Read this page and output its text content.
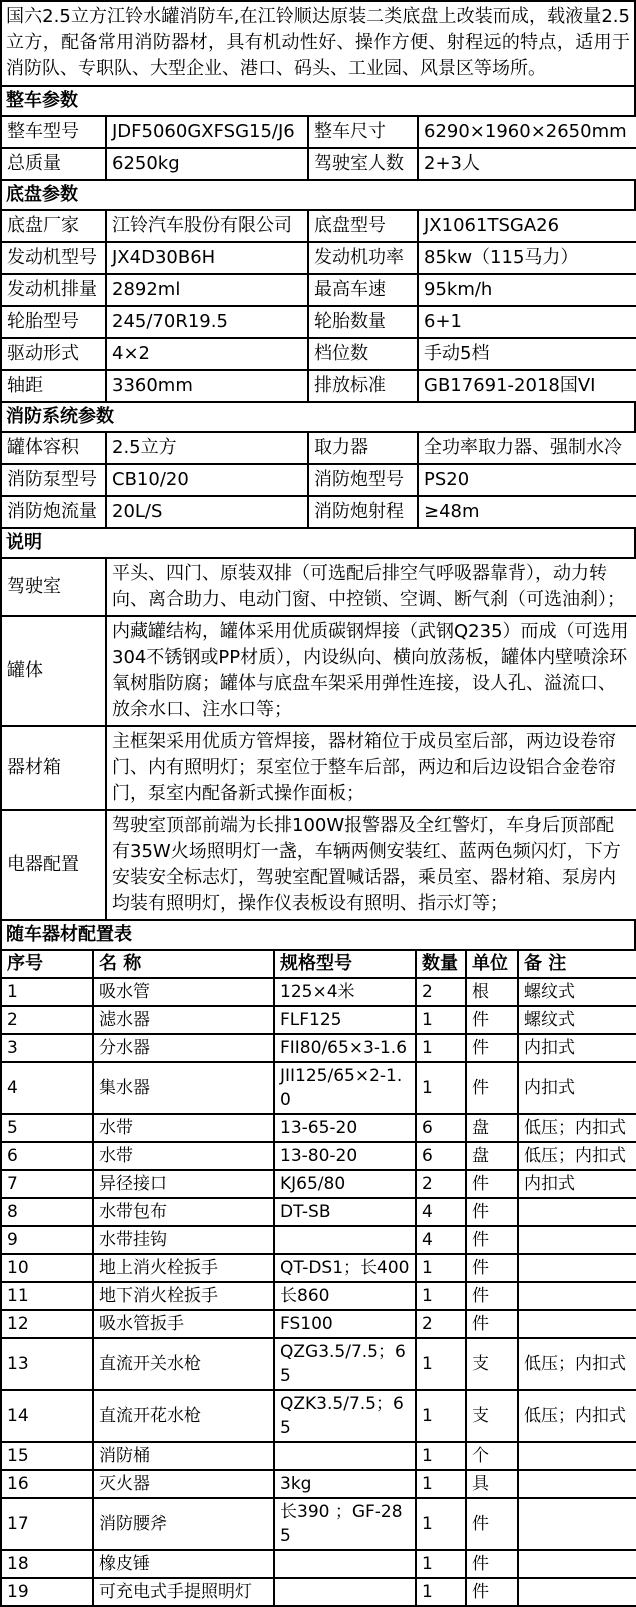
国六2.5立方江铃水罐消防车,在江铃顺达原装二类底盘上改装而成，载液量2.5立方，配备常用消防器材，具有机动性好、操作方便、射程远的特点，适用于消防队、专职队、大型企业、港口、码头、工业园、风景区等场所。
整车参数
整车型号	JDF5060GXFSG15/J6	整车尺寸	6290×1960×2650mm
总质量	6250kg	驾驶室人数	2+3人
底盘参数
底盘厂家	江铃汽车股份有限公司	底盘型号	JX1061TSGA26
发动机型号	JX4D30B6H	发动机功率	85kw（115马力）
发动机排量	2892ml	最高车速	95km/h
轮胎型号	245/70R19.5	轮胎数量	6+1
驱动形式	4×2	档位数	手动5档
轴距	3360mm	排放标准	GB17691-2018国VI
消防系统参数
罐体容积	2.5立方	取力器	全功率取力器、强制水冷
消防泵型号	CB10/20	消防炮型号	PS20
消防炮流量	20L/S	消防炮射程	≥48m
说明
驾驶室	平头、四门、原装双排（可选配后排空气呼吸器靠背），动力转向、离合助力、电动门窗、中控锁、空调、断气刹（可选油刹）；
罐体	内藏罐结构，罐体采用优质碳钢焊接（武钢Q235）而成（可选用304不锈钢或PP材质），内设纵向、横向放荡板，罐体内壁喷涂环氧树脂防腐；罐体与底盘车架采用弹性连接，设人孔、溢流口、放余水口、注水口等；
器材箱	主框架采用优质方管焊接，器材箱位于成员室后部，两边设卷帘门、内有照明灯；泵室位于整车后部，两边和后边设铝合金卷帘门，泵室内配备新式操作面板；
电器配置	驾驶室顶部前端为长排100W报警器及全红警灯，车身后顶部配有35W火场照明灯一盏，车辆两侧安装红、蓝两色频闪灯，下方安装安全标志灯，驾驶室配置喊话器，乘员室、器材箱、泵房内均装有照明灯，操作仪表板设有照明、指示灯等；
随车器材配置表
序号	名 称	规格型号	数量	单位	备 注
1	吸水管	125×4米	2	根	螺纹式
2	滤水器	FLF125	1	件	螺纹式
3	分水器	FII80/65×3-1.6	1	件	内扣式
4	集水器	JII125/65×2-1.0	1	件	内扣式
5	水带	13-65-20	6	盘	低压；内扣式
6	水带	13-80-20	6	盘	低压；内扣式
7	异径接口	KJ65/80	2	件	内扣式
8	水带包布	DT-SB	4	件	
9	水带挂钩		4	件	
10	地上消火栓扳手	QT-DS1；长400	1	件	
11	地下消火栓扳手	长860	1	件	
12	吸水管扳手	FS100	2	件	
13	直流开关水枪	QZG3.5/7.5；65	1	支	低压；内扣式
14	直流开花水枪	QZK3.5/7.5；65	1	支	低压；内扣式
15	消防桶		1	个	
16	灭火器	3kg	1	具	
17	消防腰斧	长390 ；GF-285	1	件	
18	橡皮锤		1	件	
19	可充电式手提照明灯		1	件	
